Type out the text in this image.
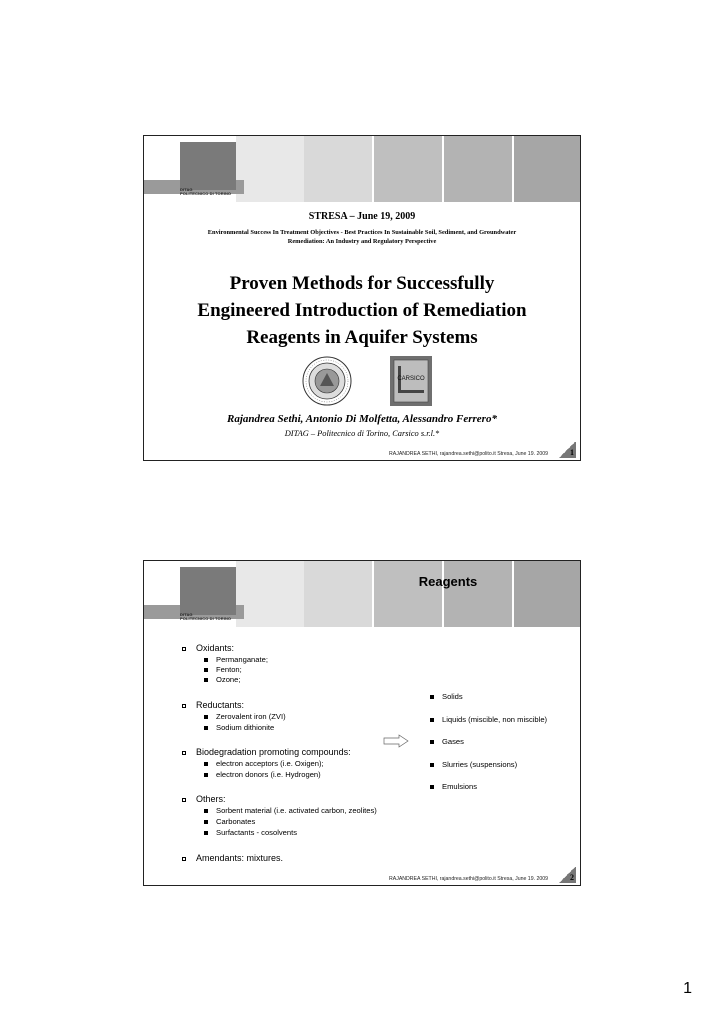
DITAG
POLITECNICO DI TORINO
STRESA – June 19, 2009
Environmental Success In Treatment Objectives - Best Practices In Sustainable Soil, Sediment, and Groundwater
Remediation: An Industry and Regulatory Perspective
Proven Methods for Successfully
Engineered Introduction of Remediation
Reagents in Aquifer Systems
CARSICO
Rajandrea Sethi, Antonio Di Molfetta, Alessandro Ferrero*
DITAG – Politecnico di Torino, Carsico s.r.l.*
RAJANDREA SETHI, rajandrea.sethi@polito.it Stresa, June 19. 2009	1
DITAG
POLITECNICO DI TORINO
Reagents
Oxidants:
Permanganate;
Fenton;
Ozone;
Reductants:
Zerovalent iron (ZVI)
Sodium dithionite
Biodegradation promoting compounds:
electron acceptors (i.e. Oxigen);
electron donors (i.e. Hydrogen)
Others:
Sorbent material (i.e. activated carbon, zeolites)
Carbonates
Surfactants - cosolvents
Amendants: mixtures.
Solids
Liquids (miscible, non miscible)
Gases
Slurries (suspensions)
Emulsions
RAJANDREA SETHI, rajandrea.sethi@polito.it Stresa, June 19. 2009	2
1
